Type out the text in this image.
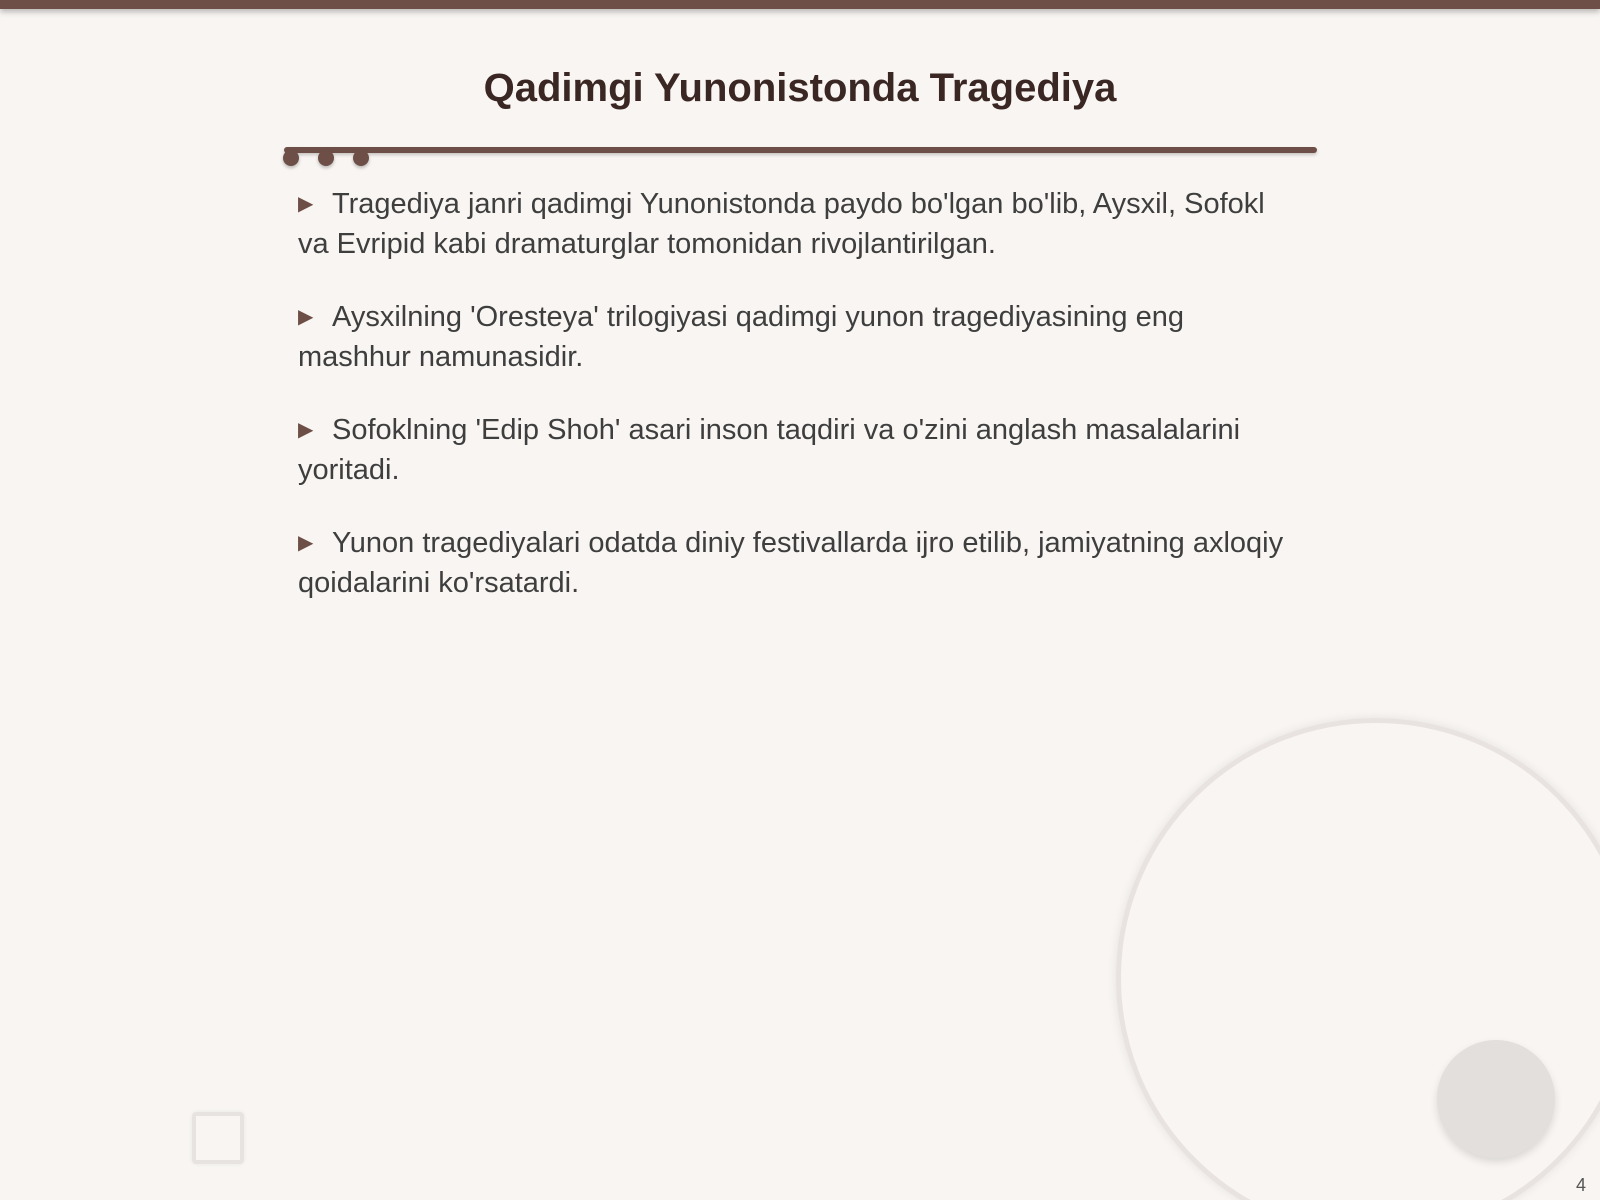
Qadimgi Yunonistonda Tragediya
▶ Tragediya janri qadimgi Yunonistonda paydo bo'lgan bo'lib, Aysxil, Sofokl va Evripid kabi dramaturglar tomonidan rivojlantirilgan.
▶ Aysxilning 'Oresteya' trilogiyasi qadimgi yunon tragediyasining eng mashhur namunasidir.
▶ Sofoklning 'Edip Shoh' asari inson taqdiri va o'zini anglash masalalarini yoritadi.
▶ Yunon tragediyalari odatda diniy festivallarda ijro etilib, jamiyatning axloqiy qoidalarini ko'rsatardi.
4
